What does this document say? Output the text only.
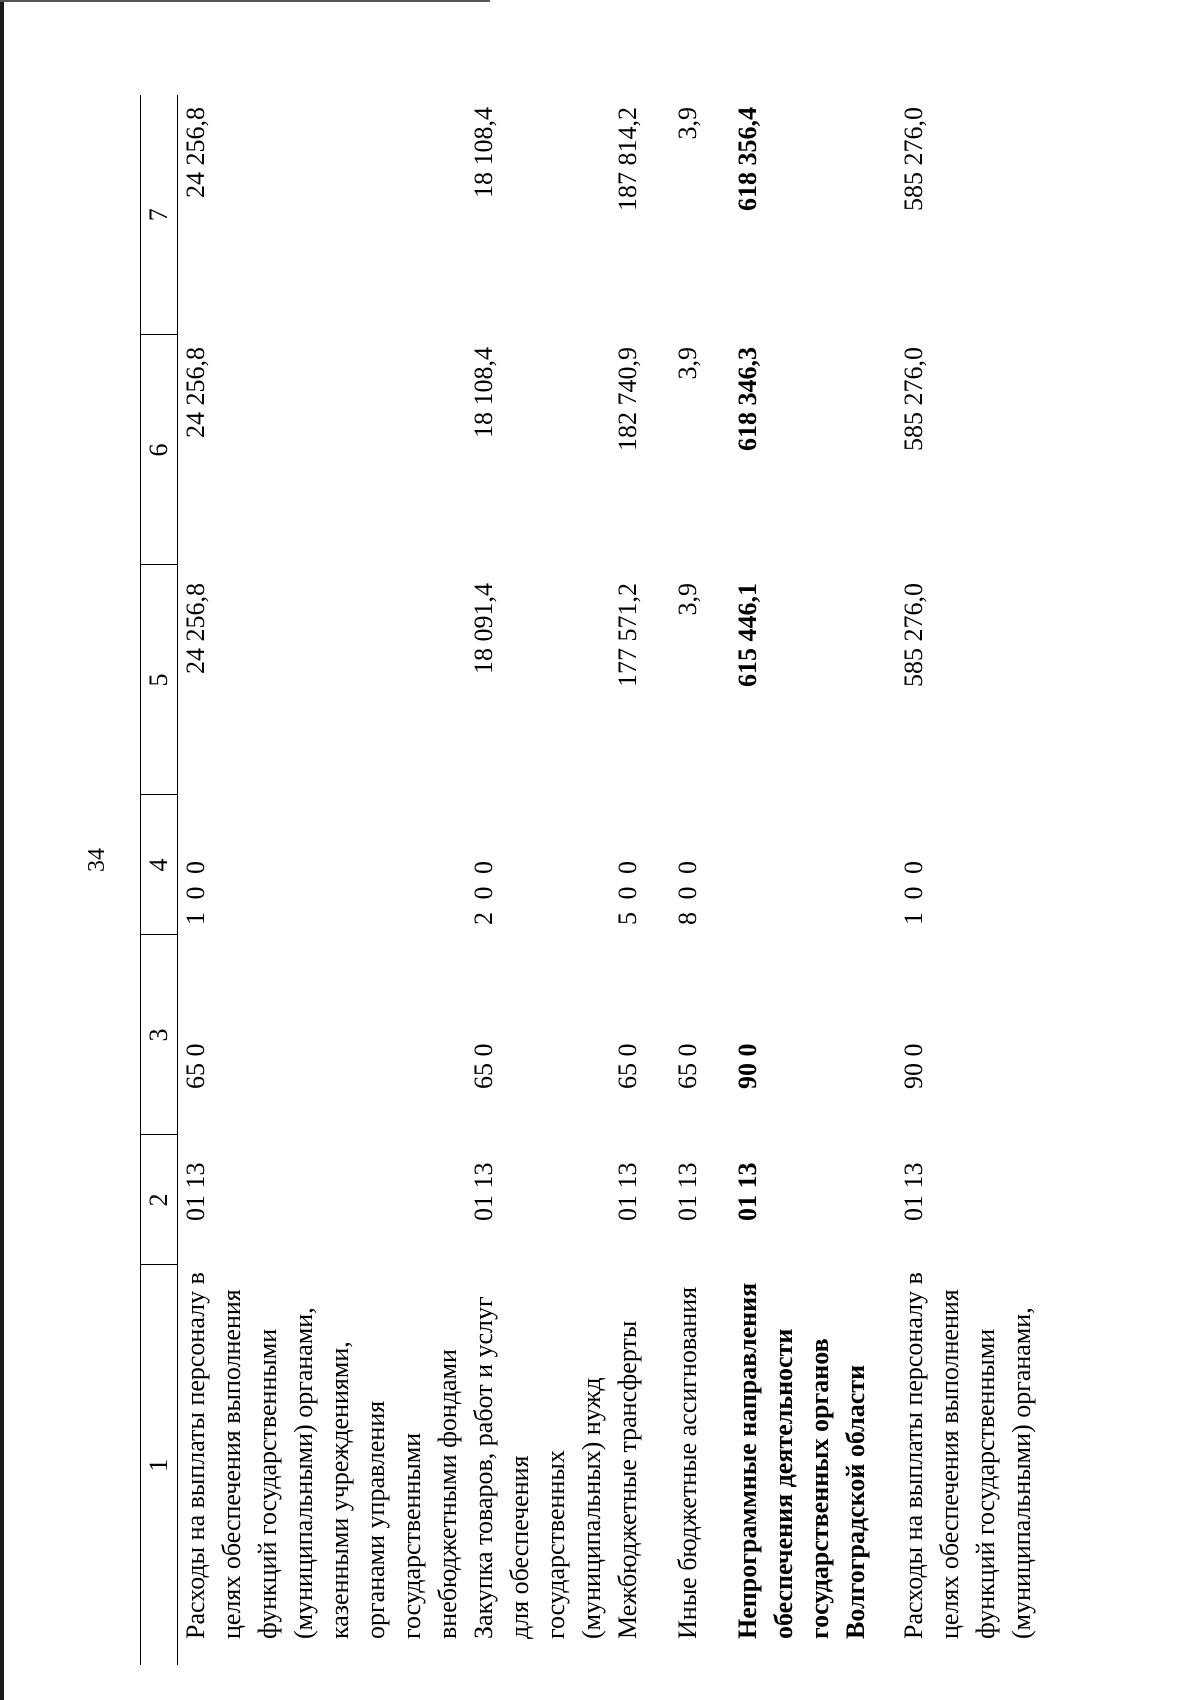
34
1	2	3	4	5	6	7
Расходы на выплаты персоналу в целях обеспечения выполнения функций государственными (муниципальными) органами, казенными учреждениями, органами управления государственными внебюджетными фондами	01 13	65 0	1 0 0	24 256,8	24 256,8	24 256,8
Закупка товаров, работ и услуг для обеспечения государственных (муниципальных) нужд	01 13	65 0	2 0 0	18 091,4	18 108,4	18 108,4
Межбюджетные трансферты	01 13	65 0	5 0 0	177 571,2	182 740,9	187 814,2
Иные бюджетные ассигнования	01 13	65 0	8 0 0	3,9	3,9	3,9
Непрограммные направления обеспечения деятельности государственных органов Волгоградской области	01 13	90 0		615 446,1	618 346,3	618 356,4
Расходы на выплаты персоналу в целях обеспечения выполнения функций государственными (муниципальными) органами,	01 13	90 0	1 0 0	585 276,0	585 276,0	585 276,0
